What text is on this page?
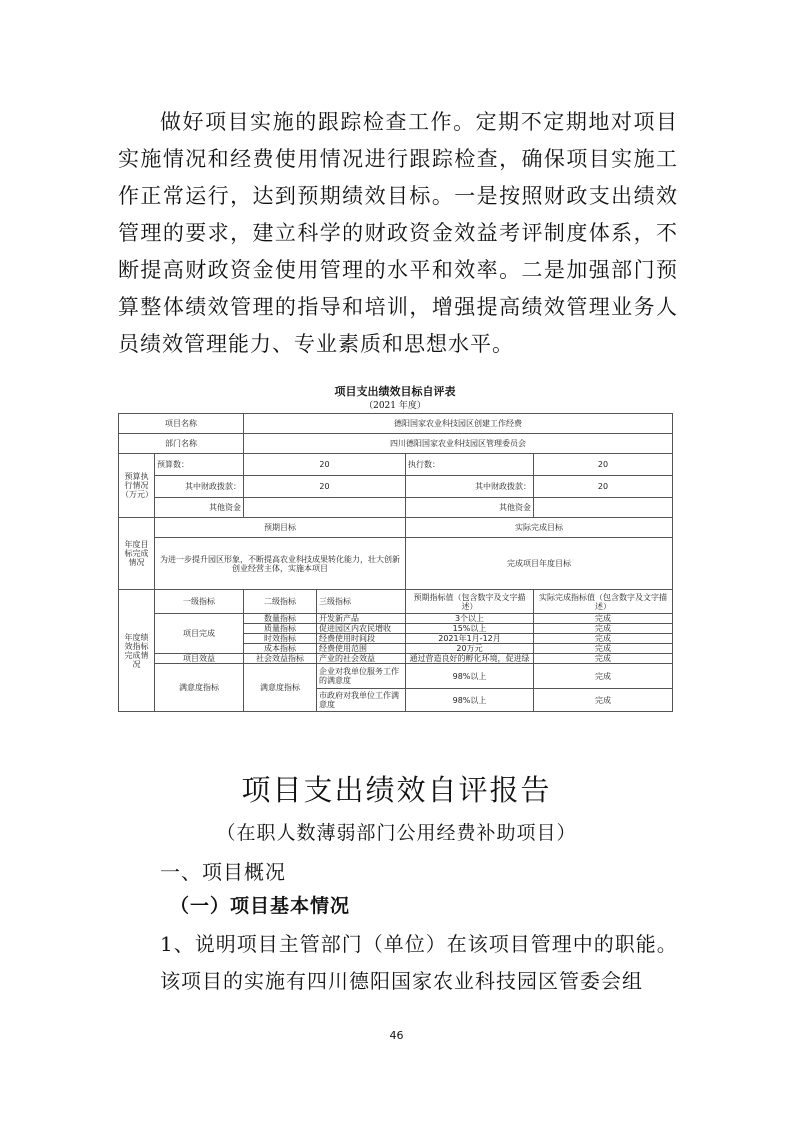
做好项目实施的跟踪检查工作。定期不定期地对项目实施情况和经费使用情况进行跟踪检查，确保项目实施工作正常运行，达到预期绩效目标。一是按照财政支出绩效管理的要求，建立科学的财政资金效益考评制度体系，不断提高财政资金使用管理的水平和效率。二是加强部门预算整体绩效管理的指导和培训，增强提高绩效管理业务人员绩效管理能力、专业素质和思想水平。

项目支出绩效目标自评表
（2021 年度）
项目名称		德阳国家农业科技园区创建工作经费			
部门名称		四川德阳国家农业科技园区管理委员会			
预算执行情况（万元）	预算数：	20		执行数：	20
	其中财政拨款：	20		其中财政拨款：	20
	其他资金			其他资金	
年度目标完成情况	预期目标			实际完成目标	
	为进一步提升园区形象，不断提高农业科技成果转化能力，壮大创新创业经营主体，实施本项目			完成项目年度目标	
年度绩效指标完成情况	一级指标	二级指标	三级指标	预期指标值（包含数字及文字描述）	实际完成指标值（包含数字及文字描述）
	项目完成	数量指标	开发新产品	3个以上	完成
		质量指标	促进园区内农民增收	15%以上	完成
		时效指标	经费使用时间段	2021年1月-12月	完成
		成本指标	经费使用范围	20万元	完成
	项目效益	社会效益指标	产业的社会效益	通过营造良好的孵化环境，促进绿	完成
	满意度指标	满意度指标	企业对我单位服务工作的满意度	98%以上	完成
			市政府对我单位工作满意度	98%以上	完成
项目支出绩效自评报告
（在职人数薄弱部门公用经费补助项目）
一、项目概况
（一）项目基本情况

1、说明项目主管部门（单位）在该项目管理中的职能。

该项目的实施有四川德阳国家农业科技园区管委会组

46
